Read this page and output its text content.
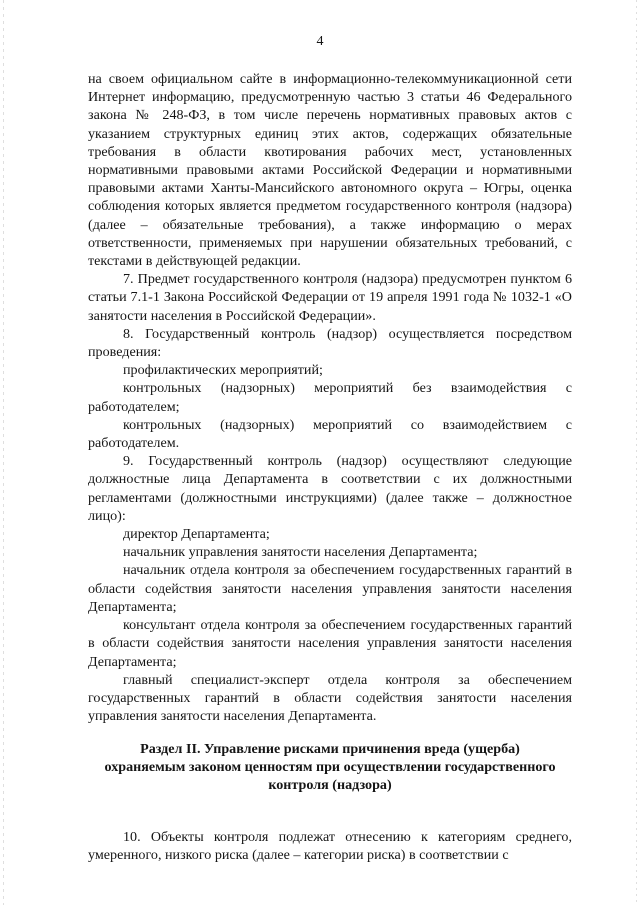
4

на своем официальном сайте в информационно-телекоммуникационной сети Интернет информацию, предусмотренную частью 3 статьи 46 Федерального закона № 248-ФЗ, в том числе перечень нормативных правовых актов с указанием структурных единиц этих актов, содержащих обязательные требования в области квотирования рабочих мест, установленных нормативными правовыми актами Российской Федерации и нормативными правовыми актами Ханты-Мансийского автономного округа – Югры, оценка соблюдения которых является предметом государственного контроля (надзора) (далее – обязательные требования), а также информацию о мерах ответственности, применяемых при нарушении обязательных требований, с текстами в действующей редакции.

7. Предмет государственного контроля (надзора) предусмотрен пунктом 6 статьи 7.1-1 Закона Российской Федерации от 19 апреля 1991 года № 1032-1 «О занятости населения в Российской Федерации».

8. Государственный контроль (надзор) осуществляется посредством проведения:

профилактических мероприятий;

контрольных (надзорных) мероприятий без взаимодействия с работодателем;

контрольных (надзорных) мероприятий со взаимодействием с работодателем.

9. Государственный контроль (надзор) осуществляют следующие должностные лица Департамента в соответствии с их должностными регламентами (должностными инструкциями) (далее также – должностное лицо):

директор Департамента;

начальник управления занятости населения Департамента;

начальник отдела контроля за обеспечением государственных гарантий в области содействия занятости населения управления занятости населения Департамента;

консультант отдела контроля за обеспечением государственных гарантий в области содействия занятости населения управления занятости населения Департамента;

главный специалист-эксперт отдела контроля за обеспечением государственных гарантий в области содействия занятости населения управления занятости населения Департамента.

Раздел II. Управление рисками причинения вреда (ущерба)
охраняемым законом ценностям при осуществлении государственного
контроля (надзора)

10. Объекты контроля подлежат отнесению к категориям среднего, умеренного, низкого риска (далее – категории риска) в соответствии с
